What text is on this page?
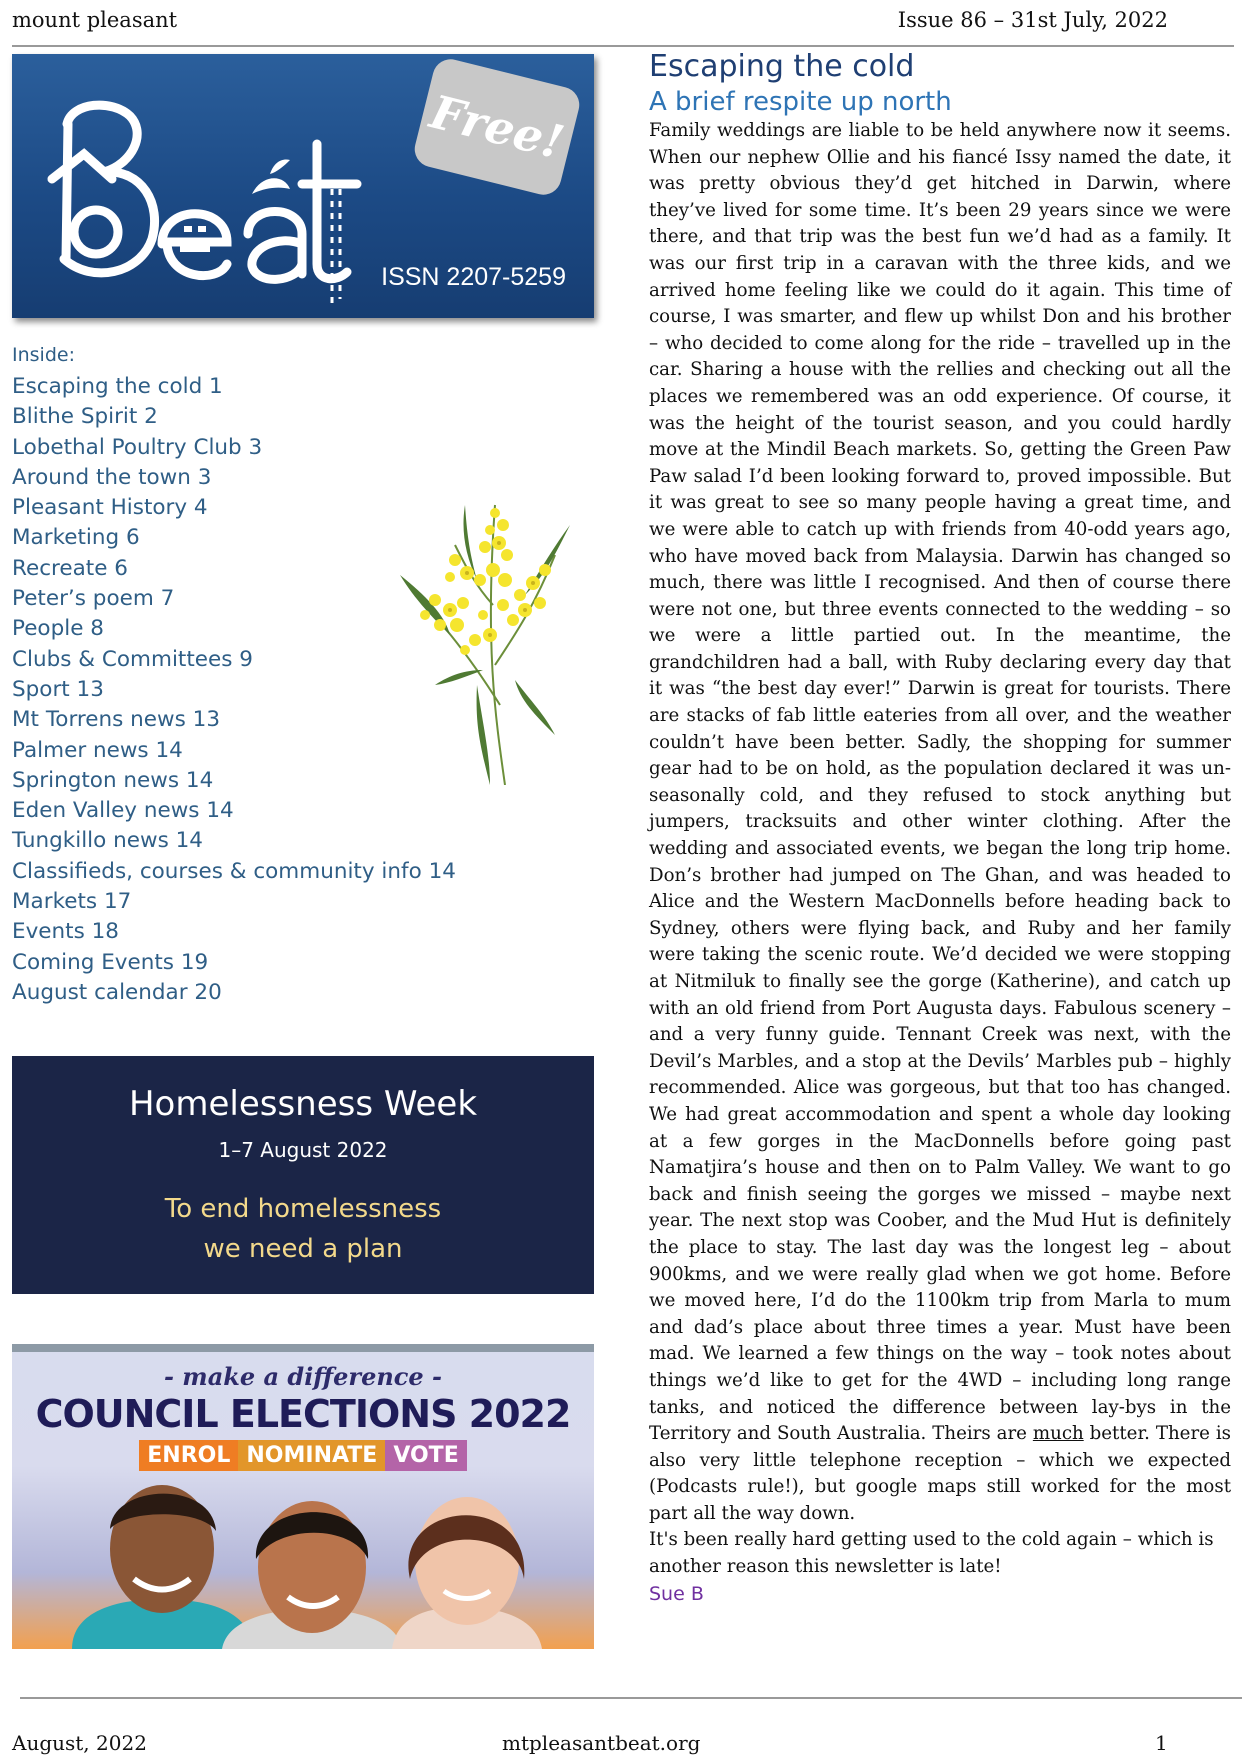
mount pleasant	Issue 86 – 31st July, 2022
Free!
ISSN 2207-5259
Inside:
Escaping the cold 1
Blithe Spirit 2
Lobethal Poultry Club 3
Around the town 3
Pleasant History 4
Marketing 6
Recreate 6
Peter’s poem 7
People 8
Clubs & Committees 9
Sport 13
Mt Torrens news 13
Palmer news 14
Springton news 14
Eden Valley news 14
Tungkillo news 14
Classifieds, courses & community info 14
Markets 17
Events 18
Coming Events 19
August calendar 20
Homelessness Week
1–7 August 2022
To end homelessness
we need a plan
- make a difference -
COUNCIL ELECTIONS 2022
ENROL NOMINATE VOTE
Escaping the cold
A brief respite up north

Family weddings are liable to be held anywhere now it seems. When our nephew Ollie and his fiancé Issy named the date, it was pretty obvious they’d get hitched in Darwin, where they’ve lived for some time. It’s been 29 years since we were there, and that trip was the best fun we’d had as a family. It was our first trip in a caravan with the three kids, and we arrived home feeling like we could do it again. This time of course, I was smarter, and flew up whilst Don and his brother – who decided to come along for the ride – travelled up in the car. Sharing a house with the rellies and checking out all the places we remembered was an odd experience. Of course, it was the height of the tourist season, and you could hardly move at the Mindil Beach markets. So, getting the Green Paw Paw salad I’d been looking forward to, proved impossible. But it was great to see so many people having a great time, and we were able to catch up with friends from 40-odd years ago, who have moved back from Malaysia. Darwin has changed so much, there was little I recognised. And then of course there were not one, but three events connected to the wedding – so we were a little partied out. In the meantime, the grandchildren had a ball, with Ruby declaring every day that it was “the best day ever!” Darwin is great for tourists. There are stacks of fab little eateries from all over, and the weather couldn’t have been better. Sadly, the shopping for summer gear had to be on hold, as the population declared it was un-seasonally cold, and they refused to stock anything but jumpers, tracksuits and other winter clothing. After the wedding and associated events, we began the long trip home. Don’s brother had jumped on The Ghan, and was headed to Alice and the Western MacDonnells before heading back to Sydney, others were flying back, and Ruby and her family were taking the scenic route. We’d decided we were stopping at Nitmiluk to finally see the gorge (Katherine), and catch up with an old friend from Port Augusta days. Fabulous scenery – and a very funny guide. Tennant Creek was next, with the Devil’s Marbles, and a stop at the Devils’ Marbles pub – highly recommended. Alice was gorgeous, but that too has changed. We had great accommodation and spent a whole day looking at a few gorges in the MacDonnells before going past Namatjira’s house and then on to Palm Valley. We want to go back and finish seeing the gorges we missed – maybe next year. The next stop was Coober, and the Mud Hut is definitely the place to stay. The last day was the longest leg – about 900kms, and we were really glad when we got home. Before we moved here, I’d do the 1100km trip from Marla to mum and dad’s place about three times a year. Must have been mad. We learned a few things on the way – took notes about things we’d like to get for the 4WD – including long range tanks, and noticed the difference between lay-bys in the Territory and South Australia. Theirs are much better. There is also very little telephone reception – which we expected (Podcasts rule!), but google maps still worked for the most part all the way down.

It's been really hard getting used to the cold again – which is another reason this newsletter is late!

Sue B
August, 2022	mtpleasantbeat.org	1
